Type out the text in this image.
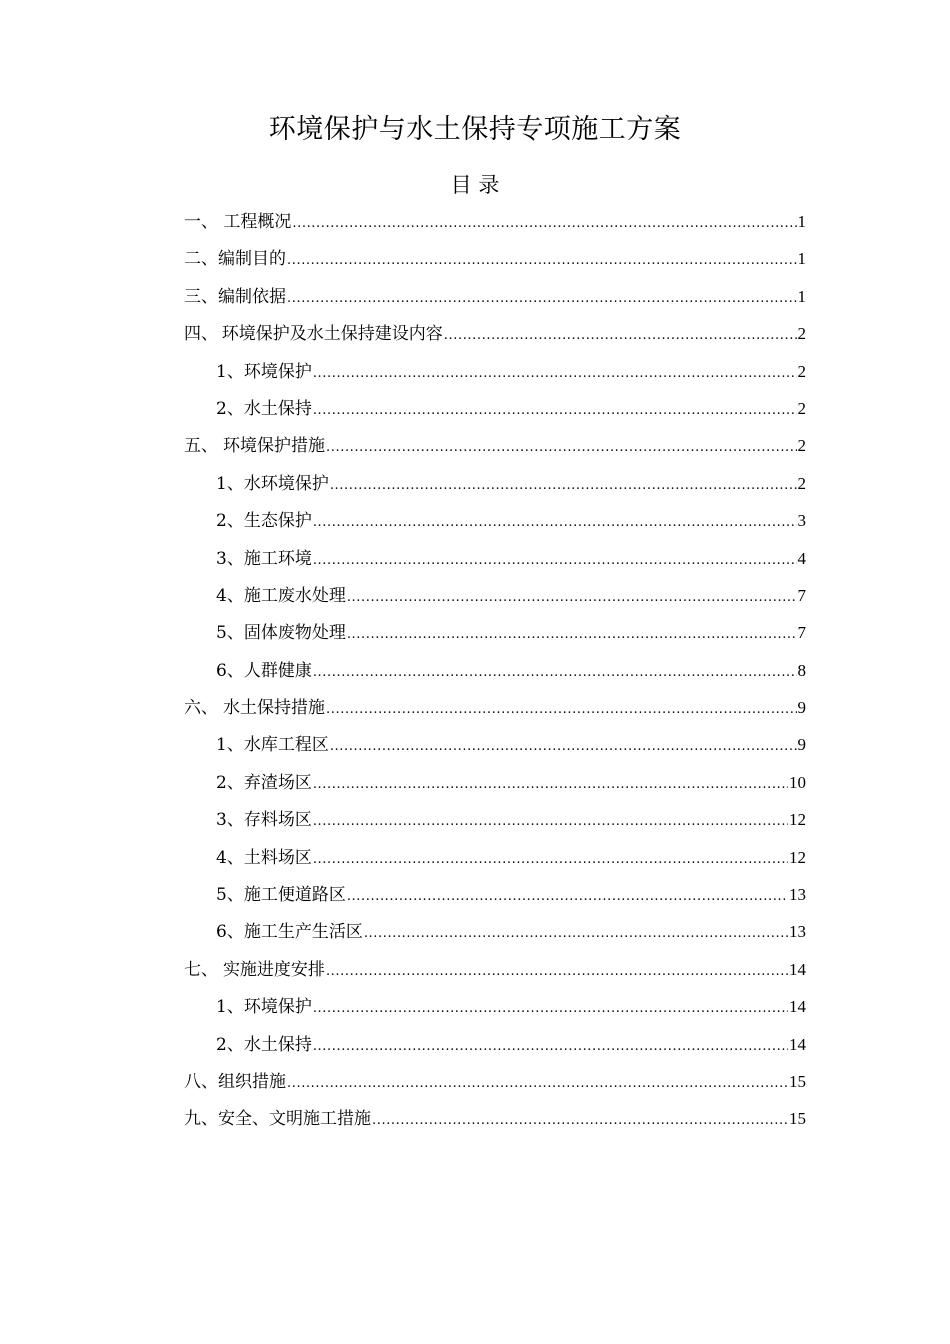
环境保护与水土保持专项施工方案
目 录
一、 工程概况 .....	1
二、 编制目的 .....	1
三、 编制依据 .....	1
四、 环境保护及水土保持建设内容 .....	2
1、 环境保护 .....	2
2、 水土保持 .....	2
五、 环境保护措施 .....	2
1、 水环境保护 .....	2
2、 生态保护 .....	3
3、 施工环境 .....	4
4、 施工废水处理 .....	7
5、 固体废物处理 .....	7
6、 人群健康 .....	8
六、 水土保持措施 .....	9
1、 水库工程区 .....	9
2、 弃渣场区 .....	10
3、 存料场区 .....	12
4、 土料场区 .....	12
5、 施工便道路区 .....	13
6、 施工生产生活区 .....	13
七、 实施进度安排 .....	14
1、 环境保护 .....	14
2、 水土保持 .....	14
八、 组织措施 .....	15
九、 安全、文明施工措施 .....	15
